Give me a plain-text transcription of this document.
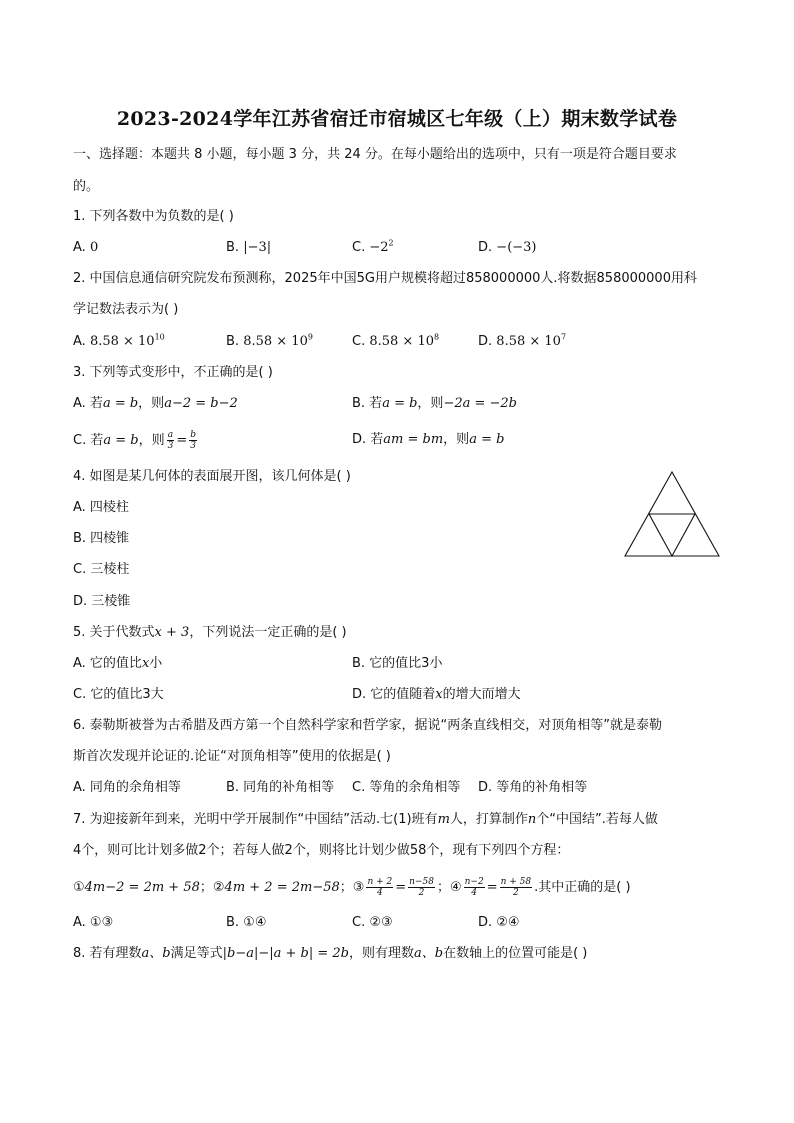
2023-2024学年江苏省宿迁市宿城区七年级（上）期末数学试卷
一、选择题：本题共 8 小题，每小题 3 分，共 24 分。在每小题给出的选项中，只有一项是符合题目要求
的。
1. 下列各数中为负数的是( )
A. 0	B. |−3|	C. $-2^2$	D. −(−3)
2. 中国信息通信研究院发布预测称，2025年中国5G用户规模将超过858000000人.将数据858000000用科
学记数法表示为( )
A. $8.58 \times 10^{10}$	B. $8.58 \times 10^9$	C. $8.58 \times 10^8$	D. $8.58 \times 10^7$
3. 下列等式变形中，不正确的是( )
A. 若a = b，则a−2 = b−2	B. 若a = b，则−2a = −2b
C. 若a = b，则 $\frac{a}{3} = \frac{b}{3}$	D. 若am = bm，则a = b
4. 如图是某几何体的表面展开图，该几何体是( )
A. 四棱柱
B. 四棱锥
C. 三棱柱
D. 三棱锥
5. 关于代数式x + 3，下列说法一定正确的是( )
A. 它的值比x小	B. 它的值比3小
C. 它的值比3大	D. 它的值随着x的增大而增大
6. 泰勒斯被誉为古希腊及西方第一个自然科学家和哲学家，据说“两条直线相交，对顶角相等”就是泰勒
斯首次发现并论证的.论证“对顶角相等”使用的依据是( )
A. 同角的余角相等	B. 同角的补角相等 C. 等角的余角相等 D. 等角的补角相等
7. 为迎接新年到来，光明中学开展制作“中国结”活动.七(1)班有m人，打算制作n个“中国结”.若每人做
4个，则可比计划多做2个；若每人做2个，则将比计划少做58个，现有下列四个方程：
①4m−2 = 2m + 58；②4m + 2 = 2m−58；③ $\frac{n + 2}{4} = \frac{n-58}{2}$ ；④ $\frac{n-2}{4} = \frac{n + 58}{2}$ .其中正确的是( )
A. ①③	B. ①④	C. ②③	D. ②④
8. 若有理数a、b满足等式|b−a|−|a + b| = 2b，则有理数a、b在数轴上的位置可能是( )
